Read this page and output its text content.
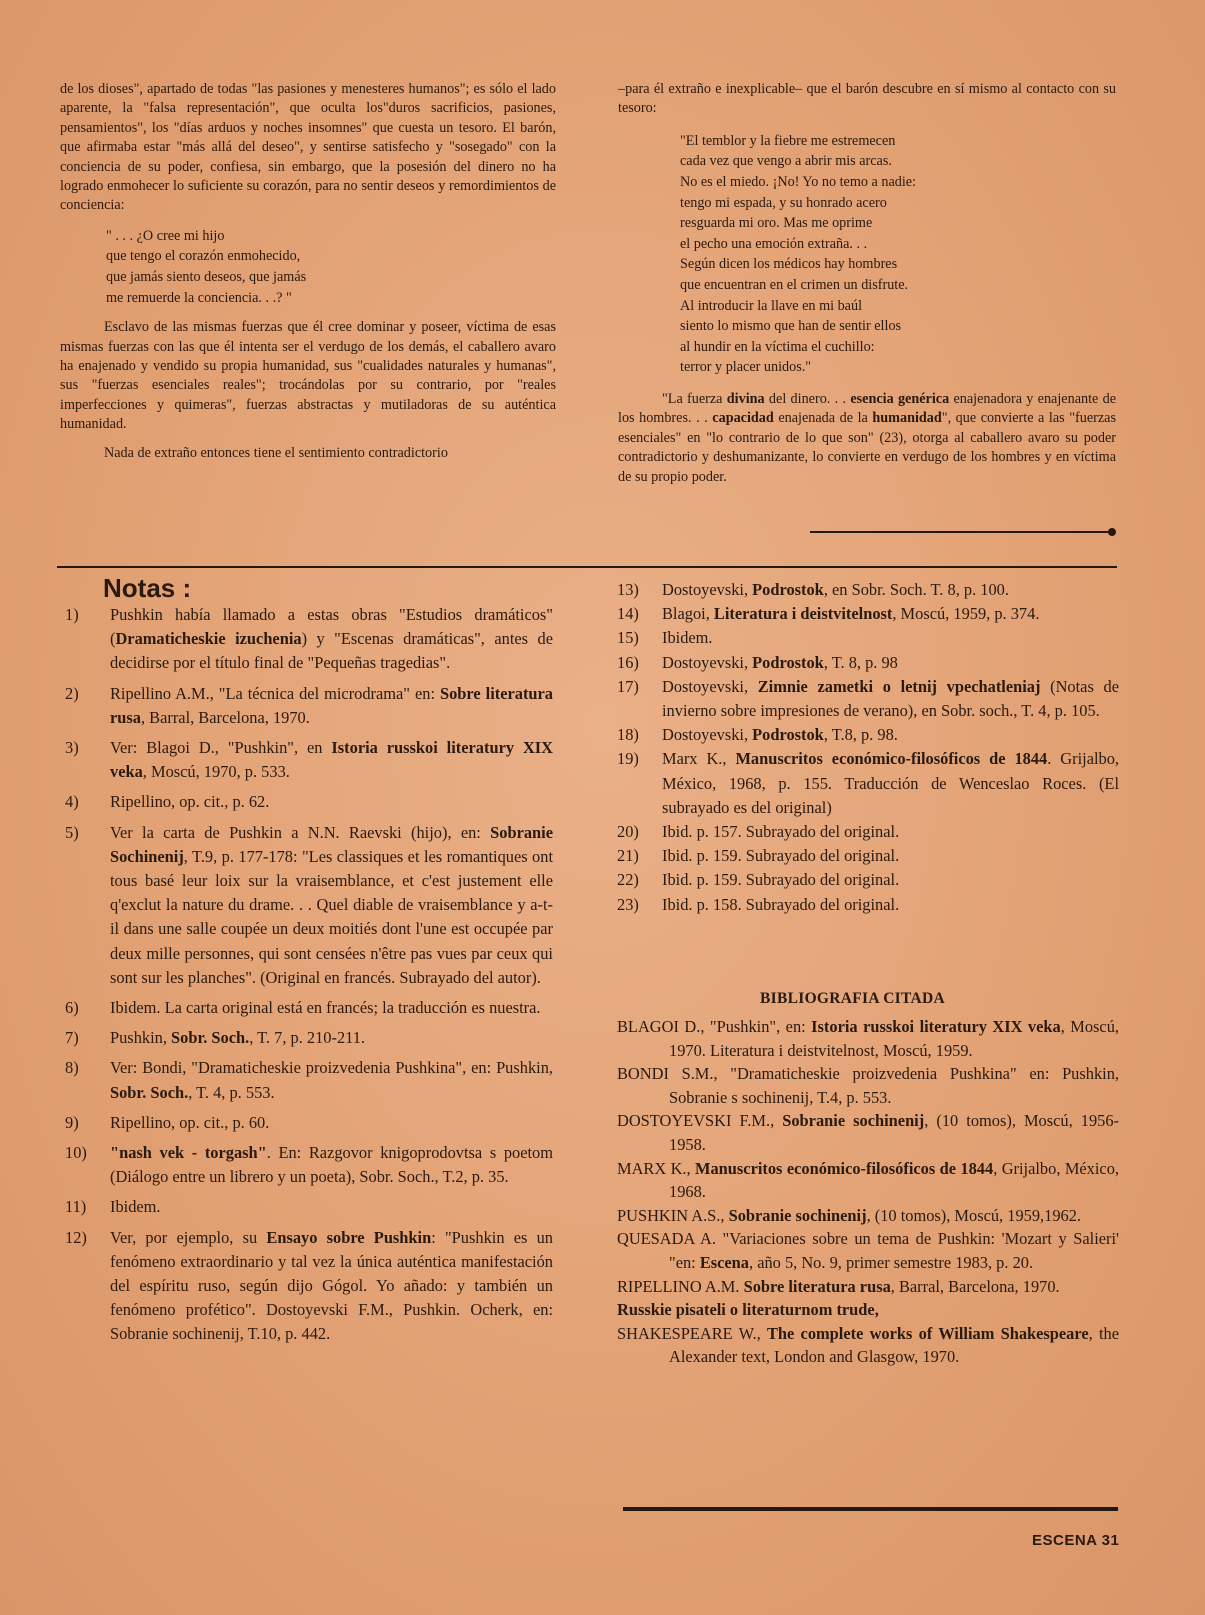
de los dioses", apartado de todas "las pasiones y menesteres humanos"; es sólo el lado aparente, la "falsa representación", que oculta los"duros sacrificios, pasiones, pensamientos", los "días arduos y noches insomnes" que cuesta un tesoro. El barón, que afirmaba estar "más allá del deseo", y sentirse satisfecho y "sosegado" con la conciencia de su poder, confiesa, sin embargo, que la posesión del dinero no ha logrado enmohecer lo suficiente su corazón, para no sentir deseos y remordimientos de conciencia:

" . . . ¿O cree mi hijo
que tengo el corazón enmohecido,
que jamás siento deseos, que jamás
me remuerde la conciencia. . .? "

Esclavo de las mismas fuerzas que él cree dominar y poseer, víctima de esas mismas fuerzas con las que él intenta ser el verdugo de los demás, el caballero avaro ha enajenado y vendido su propia humanidad, sus "cualidades naturales y humanas", sus "fuerzas esenciales reales"; trocándolas por su contrario, por "reales imperfecciones y quimeras", fuerzas abstractas y mutiladoras de su auténtica humanidad.

Nada de extraño entonces tiene el sentimiento contradictorio

–para él extraño e inexplicable– que el barón descubre en sí mismo al contacto con su tesoro:

"El temblor y la fiebre me estremecen
cada vez que vengo a abrir mis arcas.
No es el miedo. ¡No! Yo no temo a nadie:
tengo mi espada, y su honrado acero
resguarda mi oro. Mas me oprime
el pecho una emoción extraña. . .
Según dicen los médicos hay hombres
que encuentran en el crimen un disfrute.
Al introducir la llave en mi baúl
siento lo mismo que han de sentir ellos
al hundir en la víctima el cuchillo:
terror y placer unidos."

"La fuerza divina del dinero. . . esencia genérica enajenadora y enajenante de los hombres. . . capacidad enajenada de la humanidad", que convierte a las "fuerzas esenciales" en "lo contrario de lo que son" (23), otorga al caballero avaro su poder contradictorio y deshumanizante, lo convierte en verdugo de los hombres y en víctima de su propio poder.

Notas :
1)	Pushkin había llamado a estas obras "Estudios dramáticos" (Dramaticheskie izuchenia) y "Escenas dramáticas", antes de decidirse por el título final de "Pequeñas tragedias".
2)	Ripellino A.M., "La técnica del microdrama" en: Sobre literatura rusa, Barral, Barcelona, 1970.
3)	Ver: Blagoi D., "Pushkin", en Istoria russkoi literatury XIX veka, Moscú, 1970, p. 533.
4)	Ripellino, op. cit., p. 62.
5)	Ver la carta de Pushkin a N.N. Raevski (hijo), en: Sobranie Sochinenij, T.9, p. 177-178: "Les classiques et les romantiques ont tous basé leur loix sur la vraisemblance, et c'est justement elle q'exclut la nature du drame. . . Quel diable de vraisemblance y a-t-il dans une salle coupée un deux moitiés dont l'une est occupée par deux mille personnes, qui sont censées n'être pas vues par ceux qui sont sur les planches". (Original en francés. Subrayado del autor).
6)	Ibidem. La carta original está en francés; la traducción es nuestra.
7)	Pushkin, Sobr. Soch., T. 7, p. 210-211.
8)	Ver: Bondi, "Dramaticheskie proizvedenia Pushkina", en: Pushkin, Sobr. Soch., T. 4, p. 553.
9)	Ripellino, op. cit., p. 60.
10)	"nash vek - torgash". En: Razgovor knigoprodovtsa s poetom (Diálogo entre un librero y un poeta), Sobr. Soch., T.2, p. 35.
11)	Ibidem.
12)	Ver, por ejemplo, su Ensayo sobre Pushkin: "Pushkin es un fenómeno extraordinario y tal vez la única auténtica manifestación del espíritu ruso, según dijo Gógol. Yo añado: y también un fenómeno profético". Dostoyevski F.M., Pushkin. Ocherk, en: Sobranie sochinenij, T.10, p. 442.
13)	Dostoyevski, Podrostok, en Sobr. Soch. T. 8, p. 100.
14)	Blagoi, Literatura i deistvitelnost, Moscú, 1959, p. 374.
15)	Ibidem.
16)	Dostoyevski, Podrostok, T. 8, p. 98
17)	Dostoyevski, Zimnie zametki o letnij vpechatleniaj (Notas de invierno sobre impresiones de verano), en Sobr. soch., T. 4, p. 105.
18)	Dostoyevski, Podrostok, T.8, p. 98.
19)	Marx K., Manuscritos económico-filosóficos de 1844. Grijalbo, México, 1968, p. 155. Traducción de Wenceslao Roces. (El subrayado es del original)
20)	Ibid. p. 157. Subrayado del original.
21)	Ibid. p. 159. Subrayado del original.
22)	Ibid. p. 159. Subrayado del original.
23)	Ibid. p. 158. Subrayado del original.
BIBLIOGRAFIA CITADA

BLAGOI D., "Pushkin", en: Istoria russkoi literatury XIX veka, Moscú, 1970. Literatura i deistvitelnost, Moscú, 1959.

BONDI S.M., "Dramaticheskie proizvedenia Pushkina" en: Pushkin, Sobranie s sochinenij, T.4, p. 553.

DOSTOYEVSKI F.M., Sobranie sochinenij, (10 tomos), Moscú, 1956-1958.

MARX K., Manuscritos económico-filosóficos de 1844, Grijalbo, México, 1968.

PUSHKIN A.S., Sobranie sochinenij, (10 tomos), Moscú, 1959,1962.

QUESADA A. "Variaciones sobre un tema de Pushkin: 'Mozart y Salieri' "en: Escena, año 5, No. 9, primer semestre 1983, p. 20.

RIPELLINO A.M. Sobre literatura rusa, Barral, Barcelona, 1970.

Russkie pisateli o literaturnom trude,

SHAKESPEARE W., The complete works of William Shakespeare, the Alexander text, London and Glasgow, 1970.

ESCENA 31
